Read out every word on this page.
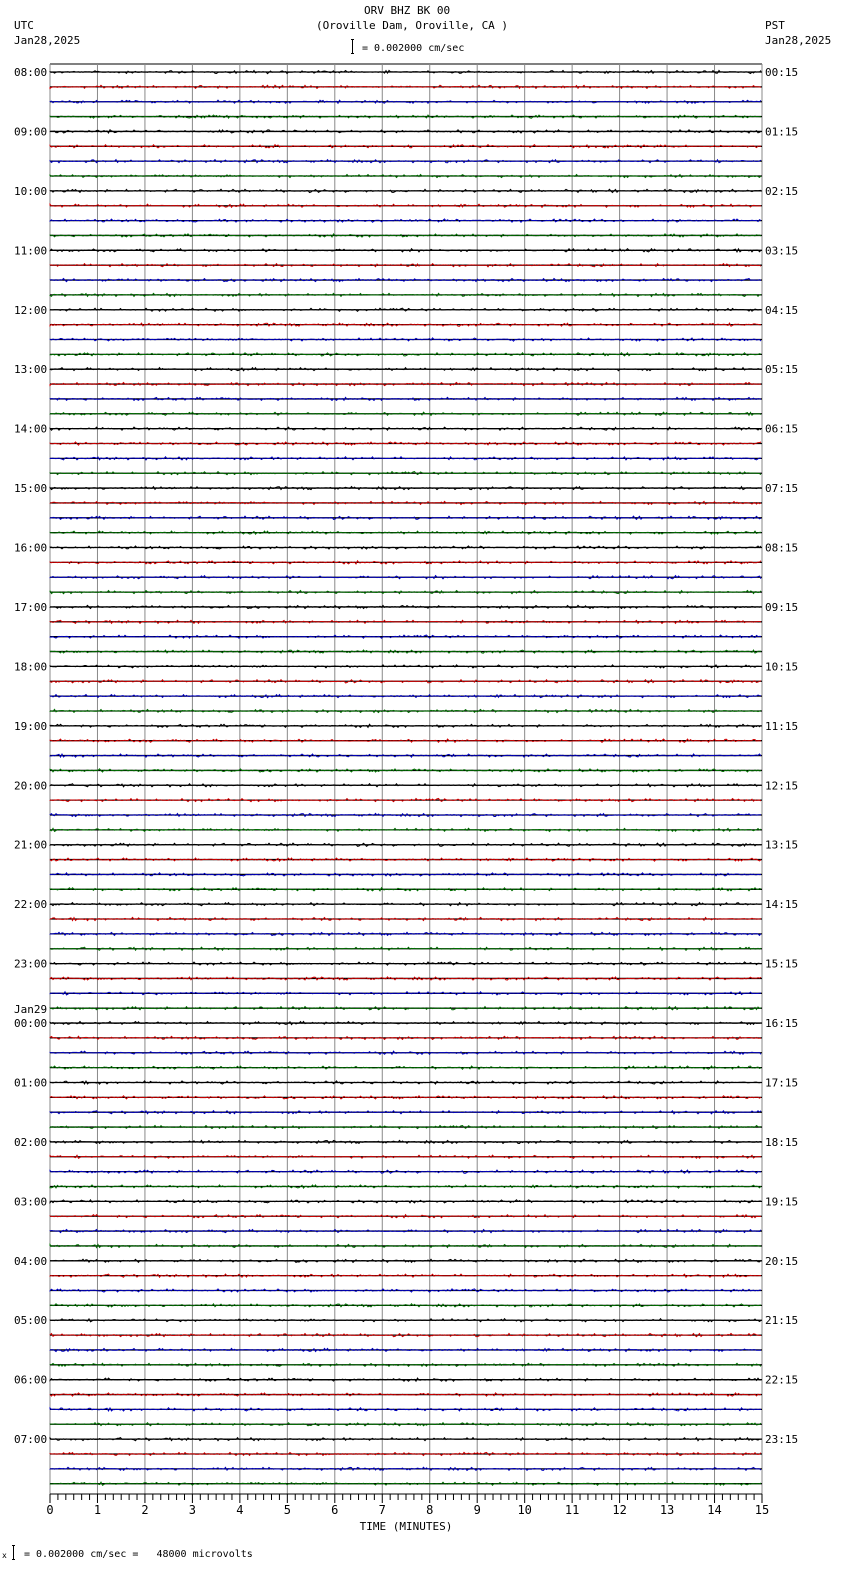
ORV BHZ BK 00
(Oroville Dam, Oroville, CA )
UTC
Jan28,2025
PST
Jan28,2025
= 0.002000 cm/sec
0	1	2	3	4	5	6	7	8	9	10	11	12	13	14	15
TIME (MINUTES)
08:00
09:00
10:00
11:00
12:00
13:00
14:00
15:00
16:00
17:00
18:00
19:00
20:00
21:00
22:00
23:00
00:00
Jan29
01:00
02:00
03:00
04:00
05:00
06:00
07:00
00:15
01:15
02:15
03:15
04:15
05:15
06:15
07:15
08:15
09:15
10:15
11:15
12:15
13:15
14:15
15:15
16:15
17:15
18:15
19:15
20:15
21:15
22:15
23:15
x = 0.002000 cm/sec =   48000 microvolts
